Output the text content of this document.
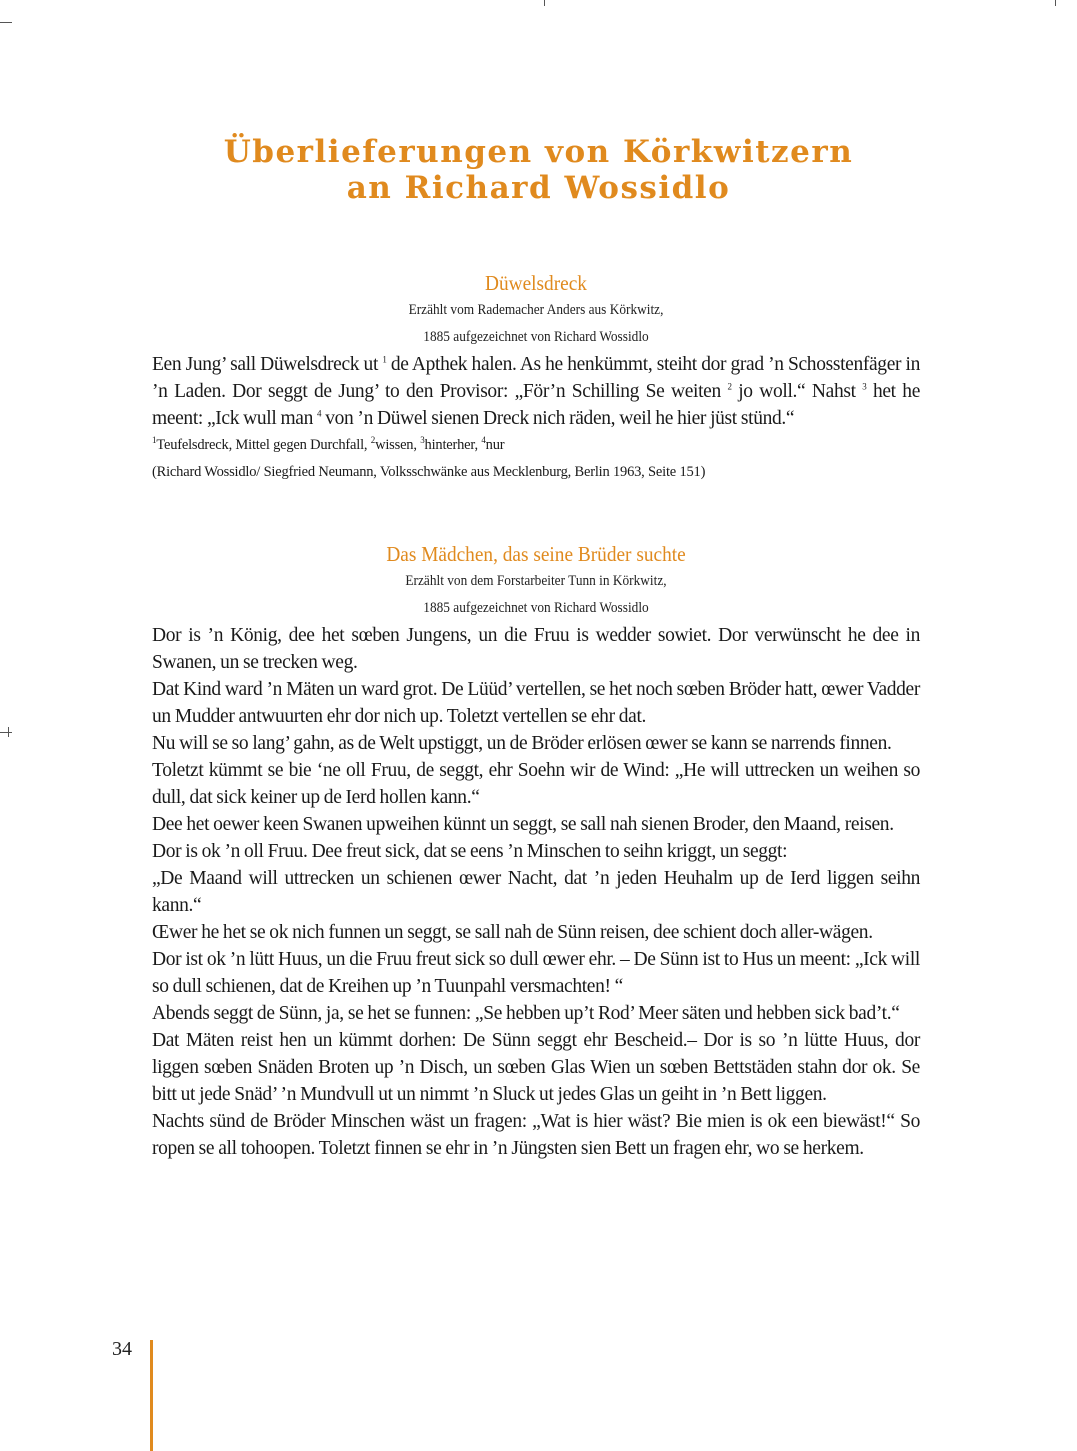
Überlieferungen von Körkwitzern
an Richard Wossidlo
Düwelsdreck
Erzählt vom Rademacher Anders aus Körkwitz,
1885 aufgezeichnet von Richard Wossidlo

Een Jung’ sall Düwelsdreck ut $^1$ de Apthek halen. As he henkümmt, steiht dor grad ’n Schosstenfäger in ’n Laden. Dor seggt de Jung’ to den Provisor: „För’n Schilling Se weiten $^2$ jo woll.“ Nahst $^3$ het he meent: „Ick wull man $^4$ von ’n Düwel sienen Dreck nich räden, weil he hier jüst stünd.“

$^1$Teufelsdreck, Mittel gegen Durchfall, $^2$wissen, $^3$hinterher, $^4$nur
(Richard Wossidlo/ Siegfried Neumann, Volksschwänke aus Mecklenburg, Berlin 1963, Seite 151)
Das Mädchen, das seine Brüder suchte
Erzählt von dem Forstarbeiter Tunn in Körkwitz,
1885 aufgezeichnet von Richard Wossidlo

Dor is ’n König, dee het sœben Jungens, un die Fruu is wedder sowiet. Dor verwünscht he dee in Swanen, un se trecken weg.

Dat Kind ward ’n Mäten un ward grot. De Lüüd’ vertellen, se het noch sœben Bröder hatt, œwer Vadder un Mudder antwuurten ehr dor nich up. Toletzt vertellen se ehr dat.

Nu will se so lang’ gahn, as de Welt upstiggt, un de Bröder erlösen œwer se kann se narrends finnen.

Toletzt kümmt se bie ‘ne oll Fruu, de seggt, ehr Soehn wir de Wind: „He will uttrecken un weihen so dull, dat sick keiner up de Ierd hollen kann.“

Dee het oewer keen Swanen upweihen künnt un seggt, se sall nah sienen Broder, den Maand, reisen.

Dor is ok ’n oll Fruu. Dee freut sick, dat se eens ’n Minschen to seihn kriggt, un seggt:

„De Maand will uttrecken un schienen œwer Nacht, dat ’n jeden Heuhalm up de Ierd liggen seihn kann.“

Œwer he het se ok nich funnen un seggt, se sall nah de Sünn reisen, dee schient doch aller-wägen.

Dor ist ok ’n lütt Huus, un die Fruu freut sick so dull œwer ehr. – De Sünn ist to Hus un meent: „Ick will so dull schienen, dat de Kreihen up ’n Tuunpahl versmachten! “

Abends seggt de Sünn, ja, se het se funnen: „Se hebben up’t Rod’ Meer säten und hebben sick bad’t.“

Dat Mäten reist hen un kümmt dorhen: De Sünn seggt ehr Bescheid.– Dor is so ’n lütte Huus, dor liggen sœben Snäden Broten up ’n Disch, un sœben Glas Wien un sœben Bettstäden stahn dor ok. Se bitt ut jede Snäd’ ’n Mundvull ut un nimmt ’n Sluck ut jedes Glas un geiht in ’n Bett liggen.

Nachts sünd de Bröder Minschen wäst un fragen: „Wat is hier wäst? Bie mien is ok een biewäst!“ So ropen se all tohoopen. Toletzt finnen se ehr in ’n Jüngsten sien Bett un fragen ehr, wo se herkem.

34
